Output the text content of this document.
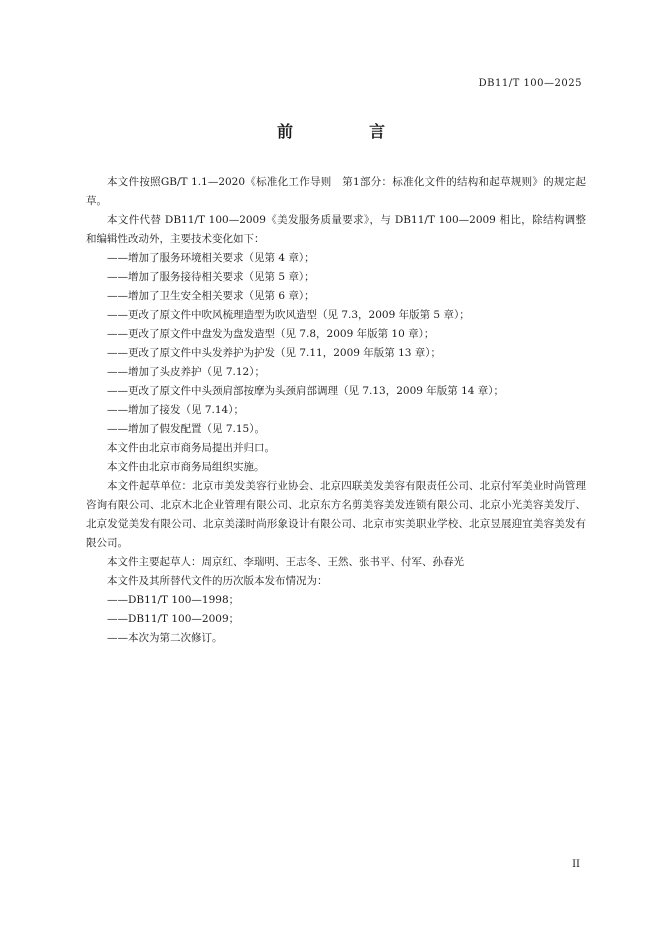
DB11/T 100—2025
前　言

本文件按照GB/T 1.1—2020《标准化工作导则　第1部分：标准化文件的结构和起草规则》的规定起草。

本文件代替 DB11/T 100—2009《美发服务质量要求》，与 DB11/T 100—2009 相比，除结构调整和编辑性改动外，主要技术变化如下：

——增加了服务环境相关要求（见第 4 章）；

——增加了服务接待相关要求（见第 5 章）；

——增加了卫生安全相关要求（见第 6 章）；

——更改了原文件中吹风梳理造型为吹风造型（见 7.3，2009 年版第 5 章）；

——更改了原文件中盘发为盘发造型（见 7.8，2009 年版第 10 章）；

——更改了原文件中头发养护为护发（见 7.11，2009 年版第 13 章）；

——增加了头皮养护（见 7.12）；

——更改了原文件中头颈肩部按摩为头颈肩部调理（见 7.13，2009 年版第 14 章）；

——增加了接发（见 7.14）；

——增加了假发配置（见 7.15）。

本文件由北京市商务局提出并归口。

本文件由北京市商务局组织实施。

本文件起草单位：北京市美发美容行业协会、北京四联美发美容有限责任公司、北京付军美业时尚管理咨询有限公司、北京木北企业管理有限公司、北京东方名剪美容美发连锁有限公司、北京小光美容美发厅、北京发觉美发有限公司、北京美漾时尚形象设计有限公司、北京市实美职业学校、北京昱展迎宜美容美发有限公司。

本文件主要起草人：周京红、李瑞明、王志冬、王然、张书平、付军、孙春光

本文件及其所替代文件的历次版本发布情况为：

——DB11/T 100—1998；

——DB11/T 100—2009；

——本次为第二次修订。

II
